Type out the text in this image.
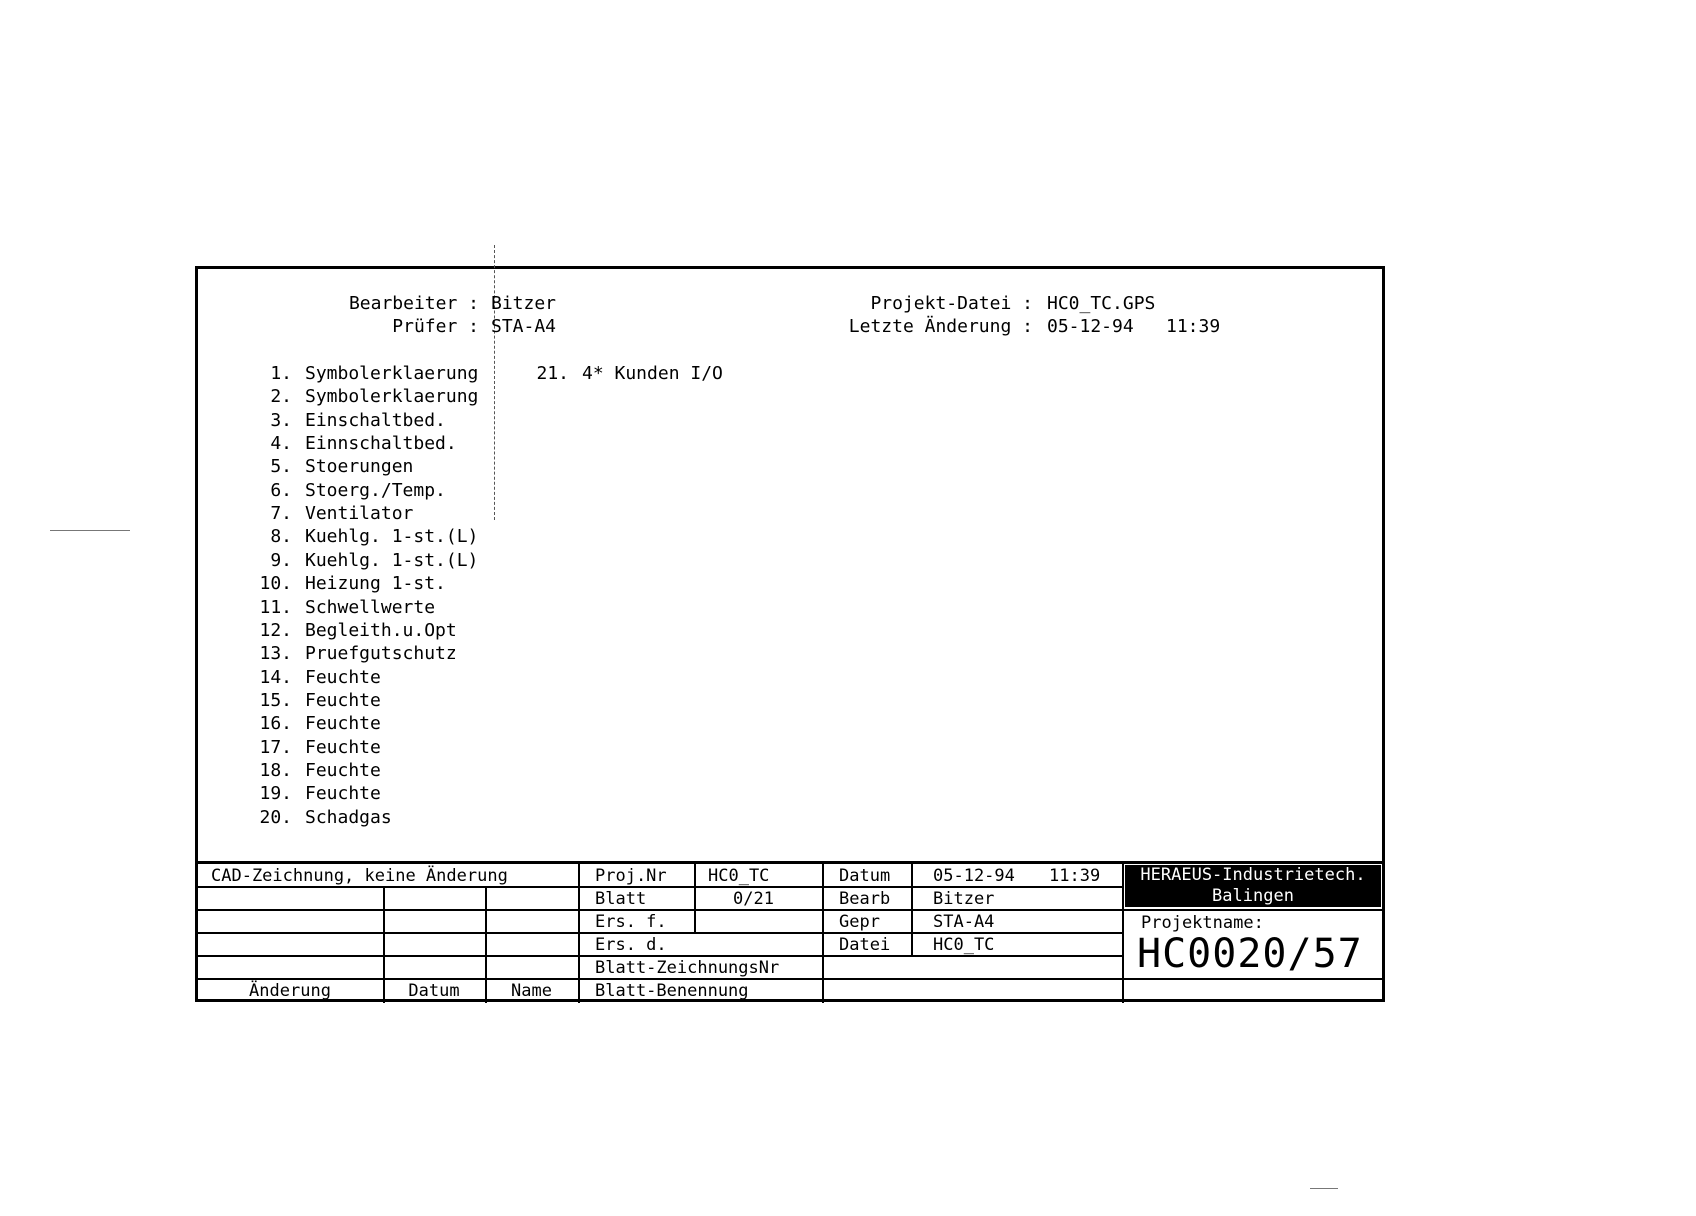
Bearbeiter : Bitzer
Prüfer : STA-A4
Projekt-Datei : HC0_TC.GPS
Letzte Änderung : 05-12-94 11:39
1. Symbolerklaerung
2. Symbolerklaerung
3. Einschaltbed.
4. Einnschaltbed.
5. Stoerungen
6. Stoerg./Temp.
7. Ventilator
8. Kuehlg. 1-st.(L)
9. Kuehlg. 1-st.(L)
10. Heizung 1-st.
11. Schwellwerte
12. Begleith.u.Opt
13. Pruefgutschutz
14. Feuchte
15. Feuchte
16. Feuchte
17. Feuchte
18. Feuchte
19. Feuchte
20. Schadgas
21. 4* Kunden I/O
CAD-Zeichnung, keine Änderung
Änderung	Datum	Name
Proj.Nr	HC0_TC
Blatt	0/21
Ers. f.
Ers. d.
Blatt-ZeichnungsNr
Blatt-Benennung
Datum	05-12-94	11:39
Bearb	Bitzer
Gepr	STA-A4
Datei	HC0_TC
HERAEUS-Industrietech.
Balingen
Projektname:
HC0020/57
